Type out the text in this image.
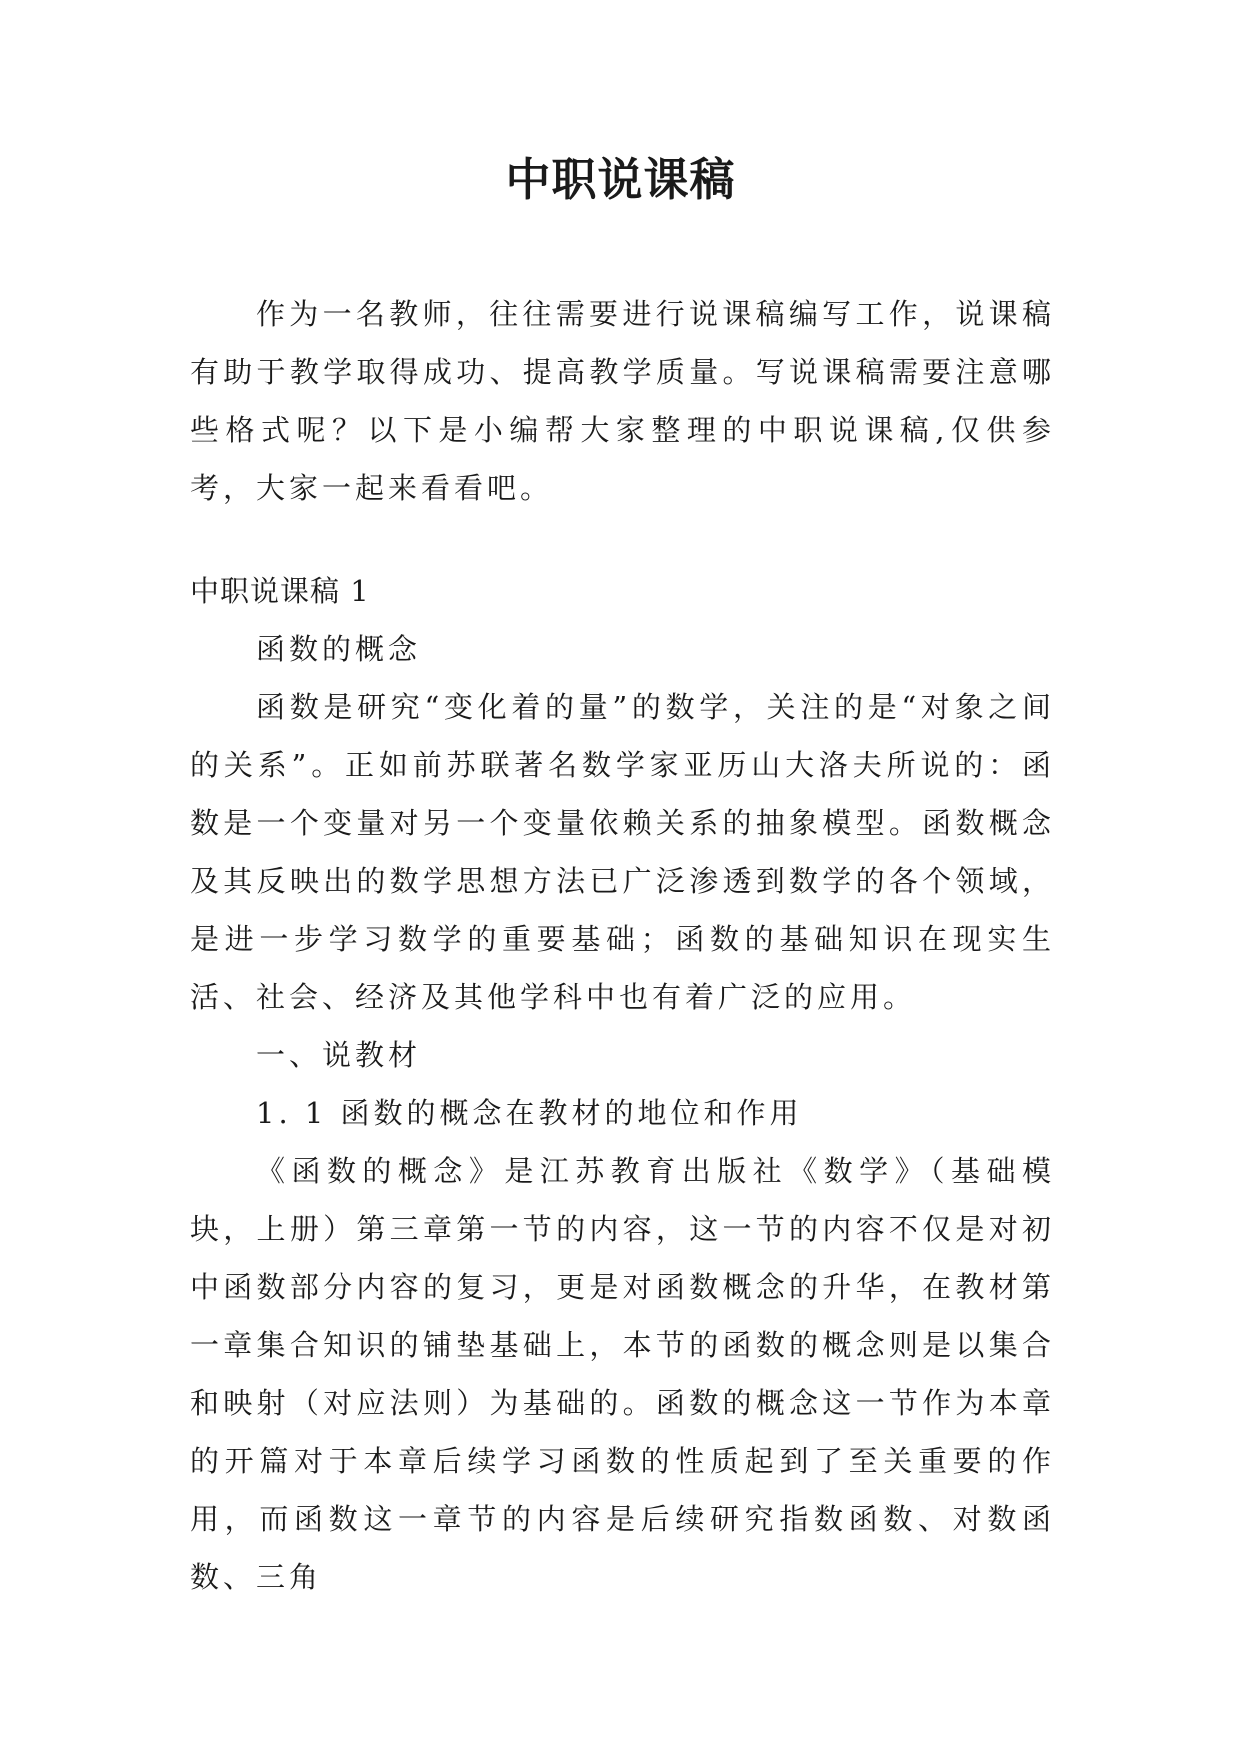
中职说课稿

作为一名教师，往往需要进行说课稿编写工作，说课稿有助于教学取得成功、提高教学质量。写说课稿需要注意哪些格式呢？以下是小编帮大家整理的中职说课稿,仅供参考，大家一起来看看吧。

中职说课稿 1

函数的概念

函数是研究“变化着的量”的数学，关注的是“对象之间的关系”。正如前苏联著名数学家亚历山大洛夫所说的：函数是一个变量对另一个变量依赖关系的抽象模型。函数概念及其反映出的数学思想方法已广泛渗透到数学的各个领域，是进一步学习数学的重要基础；函数的基础知识在现实生活、社会、经济及其他学科中也有着广泛的应用。

一、说教材

1. 1 函数的概念在教材的地位和作用

《函数的概念》是江苏教育出版社《数学》（基础模块，上册）第三章第一节的内容，这一节的内容不仅是对初中函数部分内容的复习，更是对函数概念的升华，在教材第一章集合知识的铺垫基础上，本节的函数的概念则是以集合和映射（对应法则）为基础的。函数的概念这一节作为本章的开篇对于本章后续学习函数的性质起到了至关重要的作用，而函数这一章节的内容是后续研究指数函数、对数函数、三角
